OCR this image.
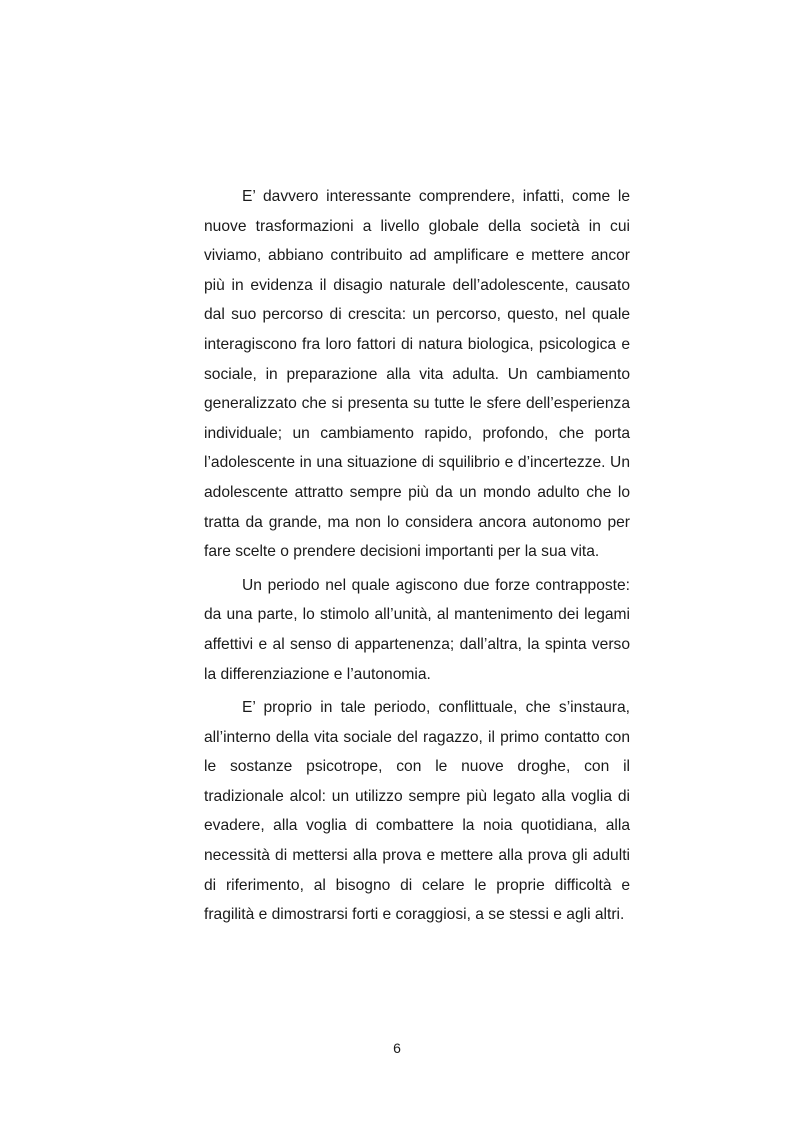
E’ davvero interessante comprendere, infatti, come le nuove trasformazioni a livello globale della società in cui viviamo, abbiano contribuito ad amplificare e mettere ancor più in evidenza il disagio naturale dell’adolescente, causato dal suo percorso di crescita: un percorso, questo, nel quale interagiscono fra loro fattori di natura biologica, psicologica e sociale, in preparazione alla vita adulta. Un cambiamento generalizzato che si presenta su tutte le sfere dell’esperienza individuale; un cambiamento rapido, profondo, che porta l’adolescente in una situazione di squilibrio e d’incertezze. Un adolescente attratto sempre più da un mondo adulto che lo tratta da grande, ma non lo considera ancora autonomo per fare scelte o prendere decisioni importanti per la sua vita.

Un periodo nel quale agiscono due forze contrapposte: da una parte, lo stimolo all’unità, al mantenimento dei legami affettivi e al senso di appartenenza; dall’altra, la spinta verso la differenziazione e l’autonomia.

E’ proprio in tale periodo, conflittuale, che s’instaura, all’interno della vita sociale del ragazzo, il primo contatto con le sostanze psicotrope, con le nuove droghe, con il tradizionale alcol: un utilizzo sempre più legato alla voglia di evadere, alla voglia di combattere la noia quotidiana, alla necessità di mettersi alla prova e mettere alla prova gli adulti di riferimento, al bisogno di celare le proprie difficoltà e fragilità e dimostrarsi forti e coraggiosi, a se stessi e agli altri.

6
